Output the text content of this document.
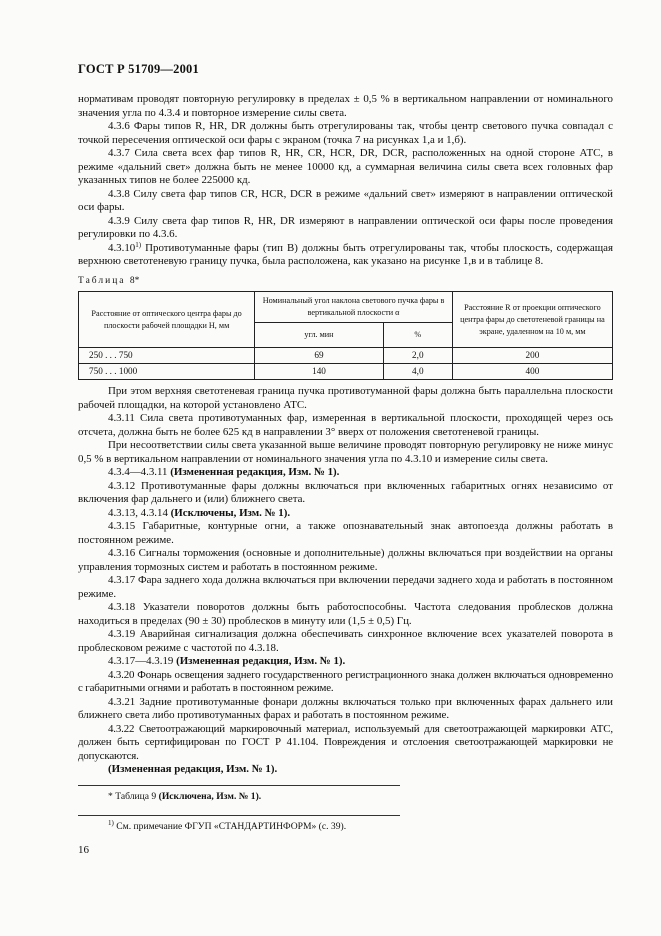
ГОСТ Р 51709—2001

нормативам проводят повторную регулировку в пределах ± 0,5 % в вертикальном направлении от номинального значения угла по 4.3.4 и повторное измерение силы света.

4.3.6 Фары типов R, HR, DR должны быть отрегулированы так, чтобы центр светового пучка совпадал с точкой пересечения оптической оси фары с экраном (точка 7 на рисунках 1,а и 1,б).

4.3.7 Сила света всех фар типов R, HR, CR, HCR, DR, DCR, расположенных на одной стороне АТС, в режиме «дальний свет» должна быть не менее 10000 кд, а суммарная величина силы света всех головных фар указанных типов не более 225000 кд.

4.3.8 Силу света фар типов CR, HCR, DCR в режиме «дальний свет» измеряют в направлении оптической оси фары.

4.3.9 Силу света фар типов R, HR, DR измеряют в направлении оптической оси фары после проведения регулировки по 4.3.6.

4.3.10$^{1)}$ Противотуманные фары (тип В) должны быть отрегулированы так, чтобы плоскость, содержащая верхнюю светотеневую границу пучка, была расположена, как указано на рисунке 1,в и в таблице 8.

Таблица 8*
Расстояние от оптического центра фары до плоскости рабочей площадки H, мм	Номинальный угол наклона светового пучка фары в вертикальной плоскости α		Расстояние R от проекции оптического центра фары до светотеневой границы на экране, удаленном на 10 м, мм
	угл. мин	%	
250 . . . 750	69	2,0	200
750 . . . 1000	140	4,0	400

При этом верхняя светотеневая граница пучка противотуманной фары должна быть параллельна плоскости рабочей площадки, на которой установлено АТС.

4.3.11 Сила света противотуманных фар, измеренная в вертикальной плоскости, проходящей через ось отсчета, должна быть не более 625 кд в направлении 3° вверх от положения светотеневой границы.

При несоответствии силы света указанной выше величине проводят повторную регулировку не ниже минус 0,5 % в вертикальном направлении от номинального значения угла по 4.3.10 и измерение силы света.

4.3.4—4.3.11 (Измененная редакция, Изм. № 1).

4.3.12 Противотуманные фары должны включаться при включенных габаритных огнях независимо от включения фар дальнего и (или) ближнего света.

4.3.13, 4.3.14 (Исключены, Изм. № 1).

4.3.15 Габаритные, контурные огни, а также опознавательный знак автопоезда должны работать в постоянном режиме.

4.3.16 Сигналы торможения (основные и дополнительные) должны включаться при воздействии на органы управления тормозных систем и работать в постоянном режиме.

4.3.17 Фара заднего хода должна включаться при включении передачи заднего хода и работать в постоянном режиме.

4.3.18 Указатели поворотов должны быть работоспособны. Частота следования проблесков должна находиться в пределах (90 ± 30) проблесков в минуту или (1,5 ± 0,5) Гц.

4.3.19 Аварийная сигнализация должна обеспечивать синхронное включение всех указателей поворота в проблесковом режиме с частотой по 4.3.18.

4.3.17—4.3.19 (Измененная редакция, Изм. № 1).

4.3.20 Фонарь освещения заднего государственного регистрационного знака должен включаться одновременно с габаритными огнями и работать в постоянном режиме.

4.3.21 Задние противотуманные фонари должны включаться только при включенных фарах дальнего или ближнего света либо противотуманных фарах и работать в постоянном режиме.

4.3.22 Светоотражающий маркировочный материал, используемый для светоотражающей маркировки АТС, должен быть сертифицирован по ГОСТ Р 41.104. Повреждения и отслоения светоотражающей маркировки не допускаются.

(Измененная редакция, Изм. № 1).

* Таблица 9 (Исключена, Изм. № 1).
$^{1)}$ См. примечание ФГУП «СТАНДАРТИНФОРМ» (с. 39).
16
